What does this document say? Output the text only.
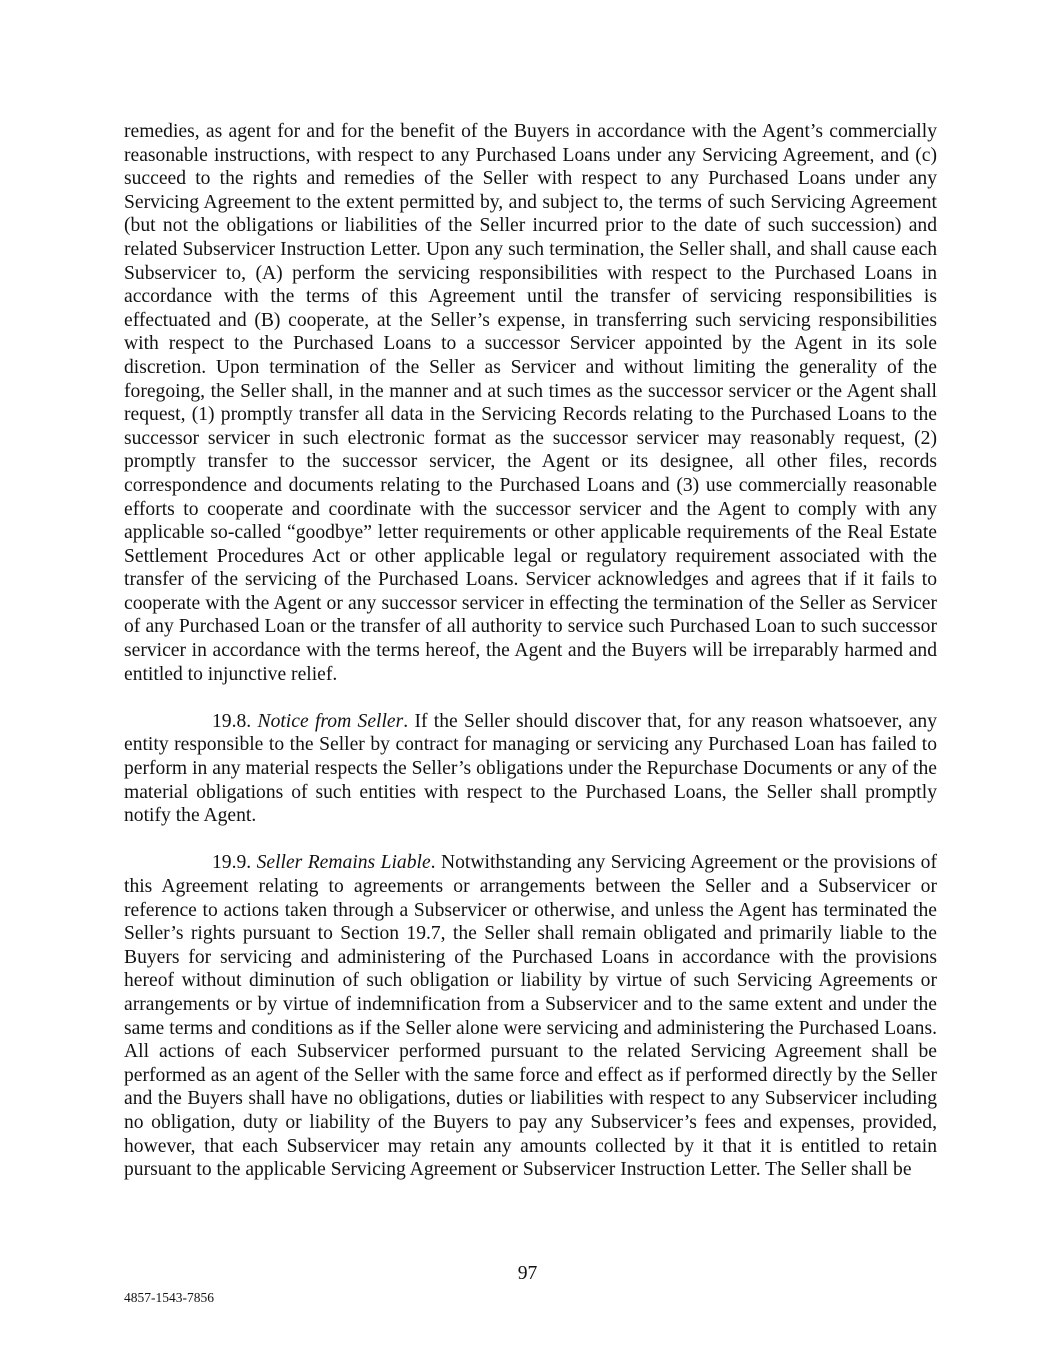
remedies, as agent for and for the benefit of the Buyers in accordance with the Agent’s commercially reasonable instructions, with respect to any Purchased Loans under any Servicing Agreement, and (c) succeed to the rights and remedies of the Seller with respect to any Purchased Loans under any Servicing Agreement to the extent permitted by, and subject to, the terms of such Servicing Agreement (but not the obligations or liabilities of the Seller incurred prior to the date of such succession) and related Subservicer Instruction Letter. Upon any such termination, the Seller shall, and shall cause each Subservicer to, (A) perform the servicing responsibilities with respect to the Purchased Loans in accordance with the terms of this Agreement until the transfer of servicing responsibilities is effectuated and (B) cooperate, at the Seller’s expense, in transferring such servicing responsibilities with respect to the Purchased Loans to a successor Servicer appointed by the Agent in its sole discretion. Upon termination of the Seller as Servicer and without limiting the generality of the foregoing, the Seller shall, in the manner and at such times as the successor servicer or the Agent shall request, (1) promptly transfer all data in the Servicing Records relating to the Purchased Loans to the successor servicer in such electronic format as the successor servicer may reasonably request, (2) promptly transfer to the successor servicer, the Agent or its designee, all other files, records correspondence and documents relating to the Purchased Loans and (3) use commercially reasonable efforts to cooperate and coordinate with the successor servicer and the Agent to comply with any applicable so-called “goodbye” letter requirements or other applicable requirements of the Real Estate Settlement Procedures Act or other applicable legal or regulatory requirement associated with the transfer of the servicing of the Purchased Loans. Servicer acknowledges and agrees that if it fails to cooperate with the Agent or any successor servicer in effecting the termination of the Seller as Servicer of any Purchased Loan or the transfer of all authority to service such Purchased Loan to such successor servicer in accordance with the terms hereof, the Agent and the Buyers will be irreparably harmed and entitled to injunctive relief.

19.8. Notice from Seller. If the Seller should discover that, for any reason whatsoever, any entity responsible to the Seller by contract for managing or servicing any Purchased Loan has failed to perform in any material respects the Seller’s obligations under the Repurchase Documents or any of the material obligations of such entities with respect to the Purchased Loans, the Seller shall promptly notify the Agent.

19.9. Seller Remains Liable. Notwithstanding any Servicing Agreement or the provisions of this Agreement relating to agreements or arrangements between the Seller and a Subservicer or reference to actions taken through a Subservicer or otherwise, and unless the Agent has terminated the Seller’s rights pursuant to Section 19.7, the Seller shall remain obligated and primarily liable to the Buyers for servicing and administering of the Purchased Loans in accordance with the provisions hereof without diminution of such obligation or liability by virtue of such Servicing Agreements or arrangements or by virtue of indemnification from a Subservicer and to the same extent and under the same terms and conditions as if the Seller alone were servicing and administering the Purchased Loans. All actions of each Subservicer performed pursuant to the related Servicing Agreement shall be performed as an agent of the Seller with the same force and effect as if performed directly by the Seller and the Buyers shall have no obligations, duties or liabilities with respect to any Subservicer including no obligation, duty or liability of the Buyers to pay any Subservicer’s fees and expenses, provided, however, that each Subservicer may retain any amounts collected by it that it is entitled to retain pursuant to the applicable Servicing Agreement or Subservicer Instruction Letter. The Seller shall be

97
4857-1543-7856
